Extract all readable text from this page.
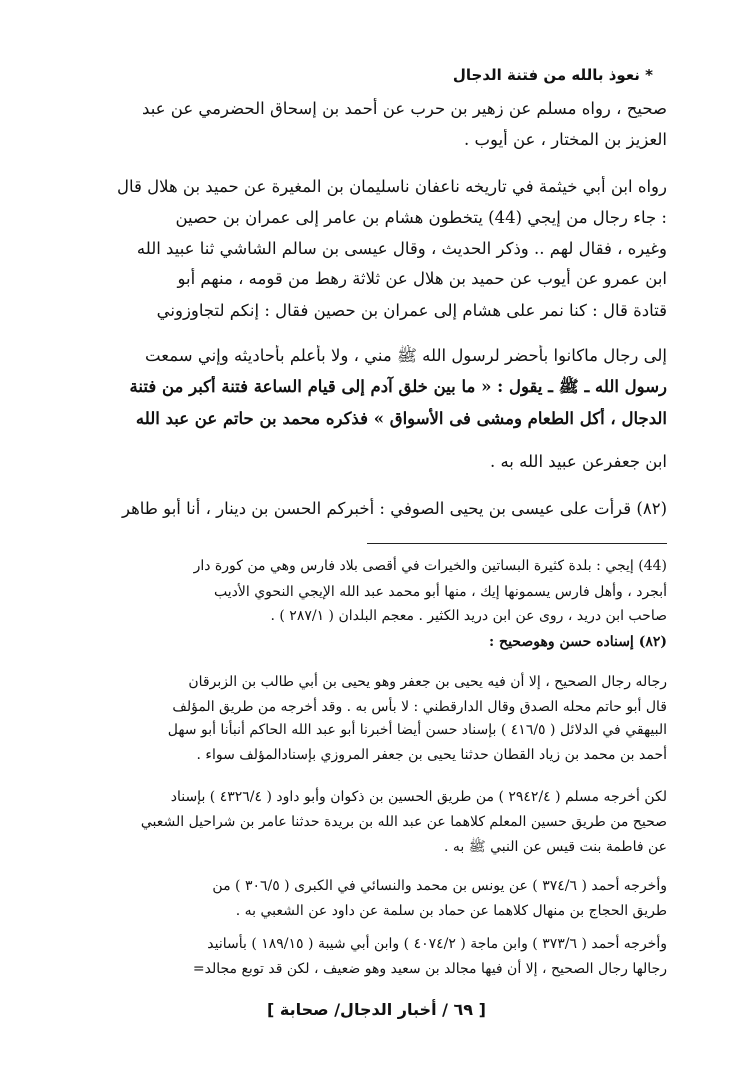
* نعوذ بالله من فتنة الدجال
صحيح ، رواه مسلم عن زهير بن حرب عن أحمد بن إسحاق الحضرمي عن عبد
العزيز بن المختار ، عن أيوب .
رواه ابن أبي خيثمة في تاريخه ناعفان ناسليمان بن المغيرة عن حميد بن هلال قال
: جاء رجال من إيجي (44) يتخطون هشام بن عامر إلى عمران بن حصين
وغيره ، فقال لهم .. وذكر الحديث ، وقال عيسى بن سالم الشاشي ثنا عبيد الله
ابن عمرو عن أيوب عن حميد بن هلال عن ثلاثة رهط من قومه ، منهم أبو
قتادة قال : كنا نمر على هشام إلى عمران بن حصين فقال : إنكم لتجاوزوني
إلى رجال ماكانوا بأحضر لرسول الله ﷺ مني ، ولا بأعلم بأحاديثه وإني سمعت
رسول الله ـ ﷺ ـ يقول : « ما بين خلق آدم إلى قيام الساعة فتنة أكبر من فتنة
الدجال ، أكل الطعام ومشى فى الأسواق » فذكره محمد بن حاتم عن عبد الله
ابن جعفرعن عبيد الله به .
(٨٢) قرأت على عيسى بن يحيى الصوفي : أخبركم الحسن بن دينار ، أنا أبو طاهر
(44) إيجي : بلدة كثيرة البساتين والخيرات في أقصى بلاد فارس وهي من كورة دار
أبجرد ، وأهل فارس يسمونها إيك ، منها أبو محمد عبد الله الإيجي النحوي الأديب
صاحب ابن دريد ، روى عن ابن دريد الكثير . معجم البلدان ( ٢٨٧/١ ) .
(٨٢) إسناده حسن وهوصحيح :
رجاله رجال الصحيح ، إلا أن فيه يحيى بن جعفر وهو يحيى بن أبي طالب بن الزبرقان
قال أبو حاتم محله الصدق وقال الدارقطني : لا بأس به . وقد أخرجه من طريق المؤلف
البيهقي في الدلائل ( ٤١٦/٥ ) بإسناد حسن أيضا أخبرنا أبو عبد الله الحاكم أنبأنا أبو سهل
أحمد بن محمد بن زياد القطان حدثنا يحيى بن جعفر المروزي بإسنادالمؤلف سواء .
لكن أخرجه مسلم ( ٢٩٤٢/٤ ) من طريق الحسين بن ذكوان وأبو داود ( ٤٣٢٦/٤ ) بإسناد
صحيح من طريق حسين المعلم كلاهما عن عبد الله بن بريدة حدثنا عامر بن شراحيل الشعبي
عن فاطمة بنت قيس عن النبي ﷺ به .
وأخرجه أحمد ( ٣٧٤/٦ ) عن يونس بن محمد والنسائي في الكبرى ( ٣٠٦/٥ ) من
طريق الحجاج بن منهال كلاهما عن حماد بن سلمة عن داود عن الشعبي به .
وأخرجه أحمد ( ٣٧٣/٦ ) وابن ماجة ( ٤٠٧٤/٢ ) وابن أبي شيبة ( ١٨٩/١٥ ) بأسانيد
رجالها رجال الصحيح ، إلا أن فيها مجالد بن سعيد وهو ضعيف ، لكن قد توبع مجالد=
[ ٦٩ / أخبار الدجال/ صحابة ]
